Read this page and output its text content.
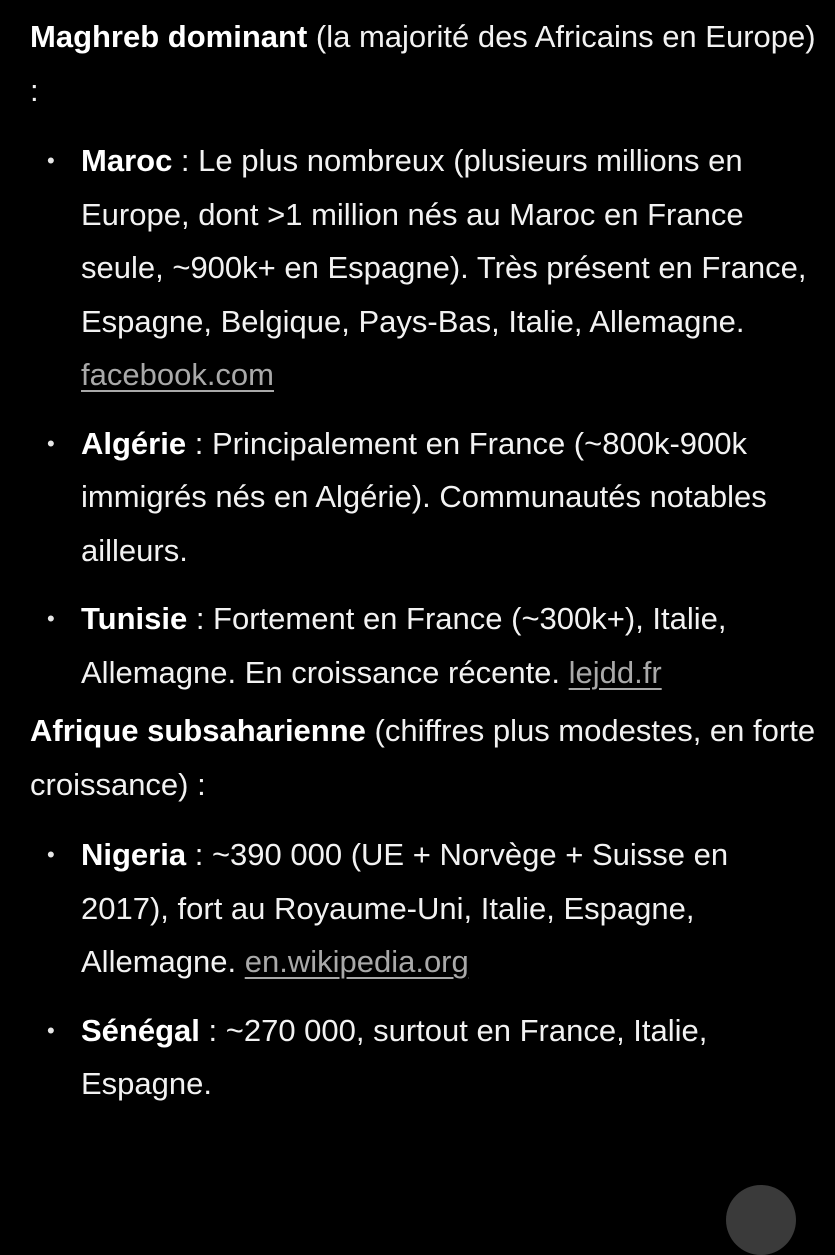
Maghreb dominant (la majorité des Africains en Europe) :

• Maroc : Le plus nombreux (plusieurs millions en Europe, dont >1 million nés au Maroc en France seule, ~900k+ en Espagne). Très présent en France, Espagne, Belgique, Pays-Bas, Italie, Allemagne. facebook.com
• Algérie : Principalement en France (~800k-900k immigrés nés en Algérie). Communautés notables ailleurs.
• Tunisie : Fortement en France (~300k+), Italie, Allemagne. En croissance récente. lejdd.fr

Afrique subsaharienne (chiffres plus modestes, en forte croissance) :

• Nigeria : ~390 000 (UE + Norvège + Suisse en 2017), fort au Royaume-Uni, Italie, Espagne, Allemagne. en.wikipedia.org
• Sénégal : ~270 000, surtout en France, Italie, Espagne.
